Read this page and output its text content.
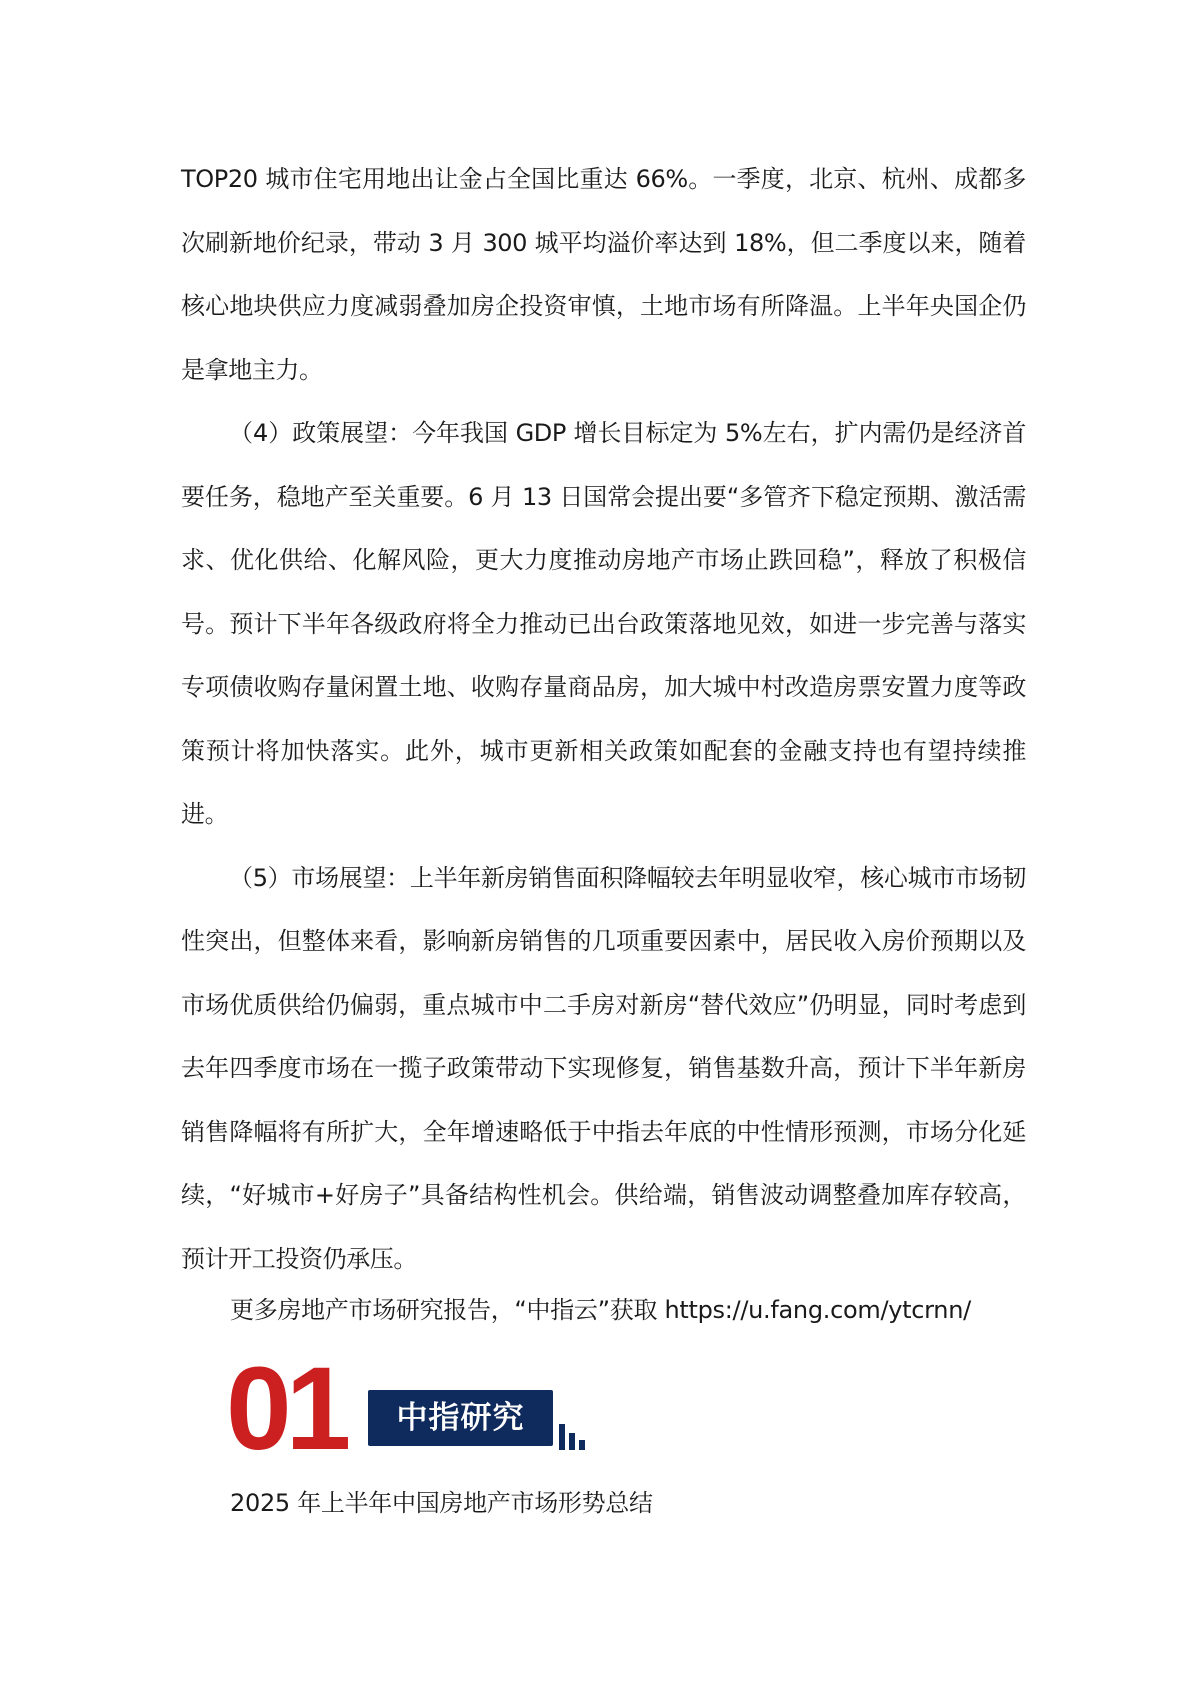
TOP20 城市住宅用地出让金占全国比重达 66%。一季度，北京、杭州、成都多次刷新地价纪录，带动 3 月 300 城平均溢价率达到 18%，但二季度以来，随着核心地块供应力度减弱叠加房企投资审慎，土地市场有所降温。上半年央国企仍是拿地主力。

（4）政策展望：今年我国 GDP 增长目标定为 5%左右，扩内需仍是经济首要任务，稳地产至关重要。6 月 13 日国常会提出要“多管齐下稳定预期、激活需求、优化供给、化解风险，更大力度推动房地产市场止跌回稳”，释放了积极信号。预计下半年各级政府将全力推动已出台政策落地见效，如进一步完善与落实专项债收购存量闲置土地、收购存量商品房，加大城中村改造房票安置力度等政策预计将加快落实。此外，城市更新相关政策如配套的金融支持也有望持续推进。

（5）市场展望：上半年新房销售面积降幅较去年明显收窄，核心城市市场韧性突出，但整体来看，影响新房销售的几项重要因素中，居民收入房价预期以及市场优质供给仍偏弱，重点城市中二手房对新房“替代效应”仍明显，同时考虑到去年四季度市场在一揽子政策带动下实现修复，销售基数升高，预计下半年新房销售降幅将有所扩大，全年增速略低于中指去年底的中性情形预测，市场分化延续，“好城市+好房子”具备结构性机会。供给端，销售波动调整叠加库存较高，预计开工投资仍承压。

更多房地产市场研究报告，“中指云”获取 https://u.fang.com/ytcrnn/
01	中指研究
2025 年上半年中国房地产市场形势总结
